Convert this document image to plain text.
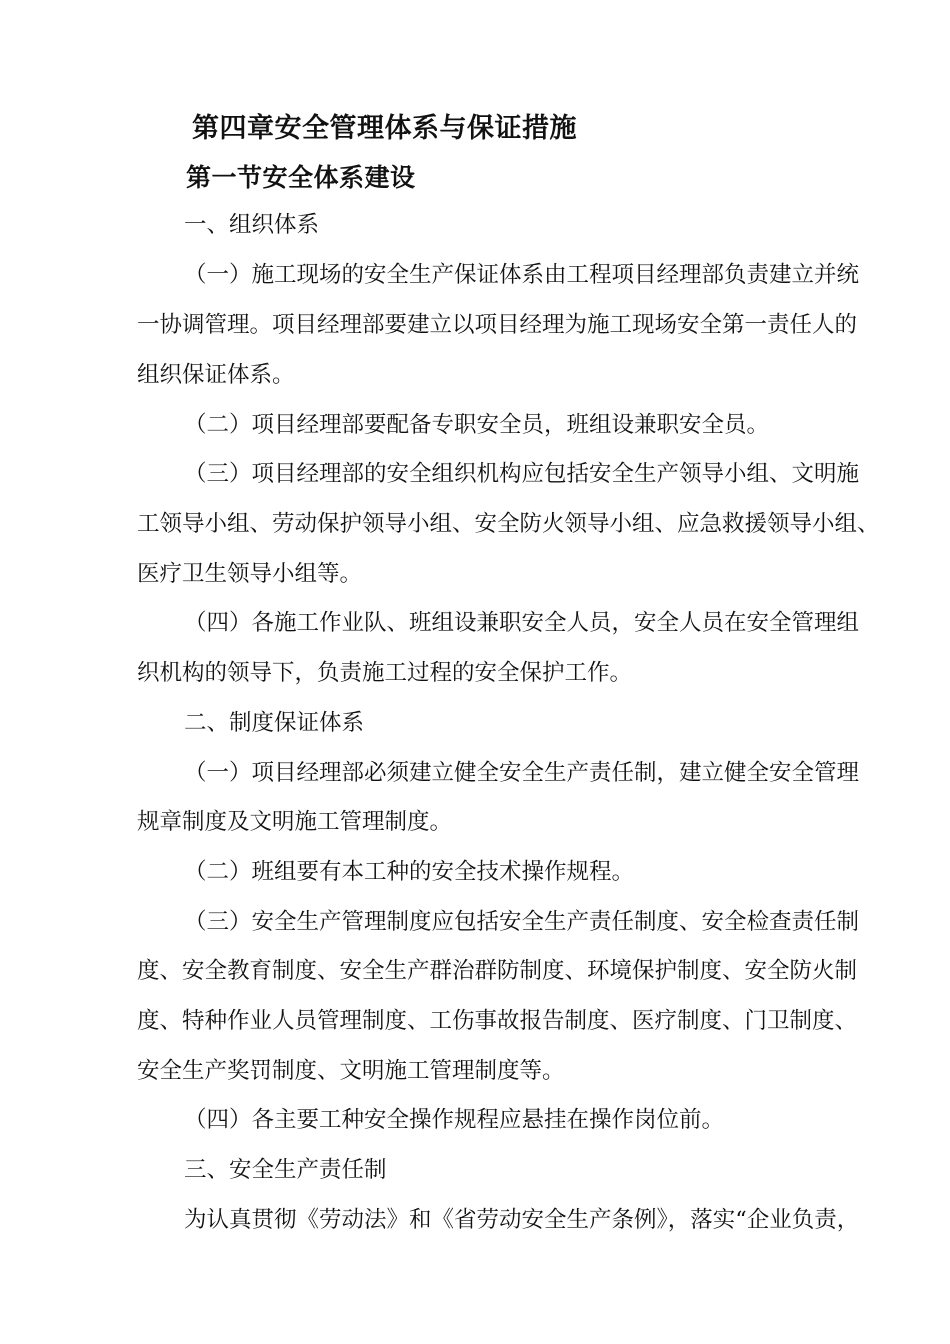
第四章安全管理体系与保证措施
第一节安全体系建设
一、组织体系
（一）施工现场的安全生产保证体系由工程项目经理部负责建立并统
一协调管理。项目经理部要建立以项目经理为施工现场安全第一责任人的
组织保证体系。
（二）项目经理部要配备专职安全员，班组设兼职安全员。
（三）项目经理部的安全组织机构应包括安全生产领导小组、文明施
工领导小组、劳动保护领导小组、安全防火领导小组、应急救援领导小组、
医疗卫生领导小组等。
（四）各施工作业队、班组设兼职安全人员，安全人员在安全管理组
织机构的领导下，负责施工过程的安全保护工作。
二、制度保证体系
（一）项目经理部必须建立健全安全生产责任制，建立健全安全管理
规章制度及文明施工管理制度。
（二）班组要有本工种的安全技术操作规程。
（三）安全生产管理制度应包括安全生产责任制度、安全检查责任制
度、安全教育制度、安全生产群治群防制度、环境保护制度、安全防火制
度、特种作业人员管理制度、工伤事故报告制度、医疗制度、门卫制度、
安全生产奖罚制度、文明施工管理制度等。
（四）各主要工种安全操作规程应悬挂在操作岗位前。
三、安全生产责任制
为认真贯彻《劳动法》和《省劳动安全生产条例》，落实“企业负责，
